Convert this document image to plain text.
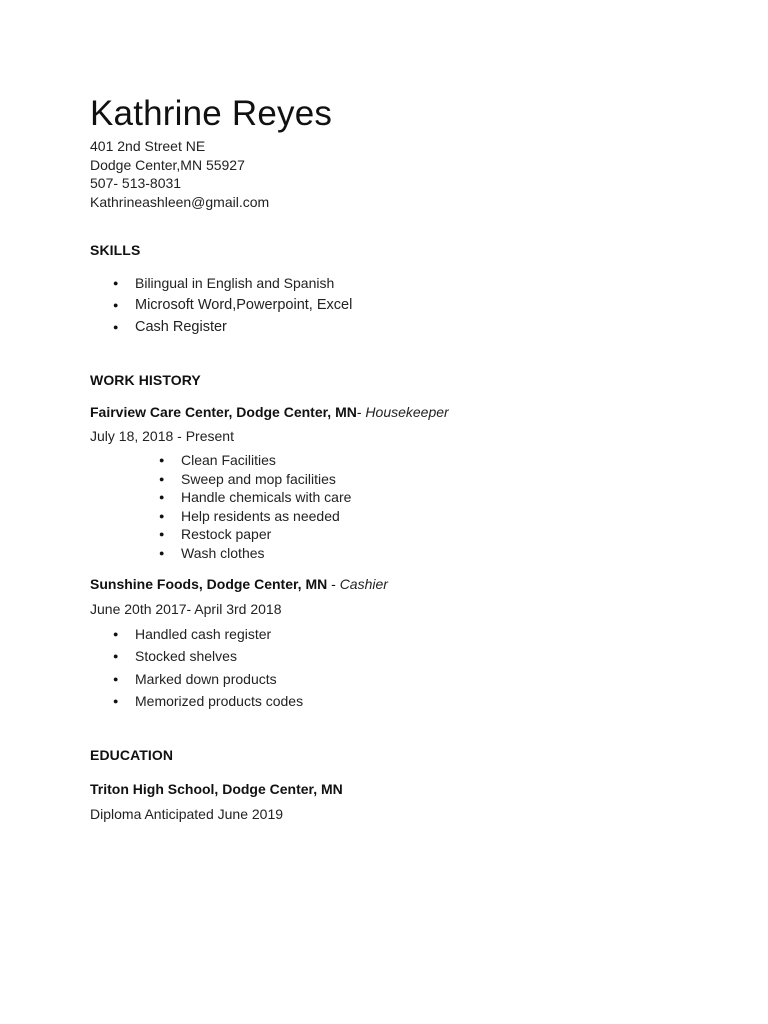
Kathrine Reyes
401 2nd Street NE
Dodge Center,MN 55927
507- 513-8031
Kathrineashleen@gmail.com
SKILLS
● Bilingual in English and Spanish
● Microsoft Word,Powerpoint, Excel
● Cash Register
WORK HISTORY
Fairview Care Center, Dodge Center, MN- Housekeeper
July 18, 2018 - Present
● Clean Facilities
● Sweep and mop facilities
● Handle chemicals with care
● Help residents as needed
● Restock paper
● Wash clothes
Sunshine Foods, Dodge Center, MN - Cashier
June 20th 2017- April 3rd 2018
● Handled cash register
● Stocked shelves
● Marked down products
● Memorized products codes
EDUCATION
Triton High School, Dodge Center, MN
Diploma Anticipated June 2019
